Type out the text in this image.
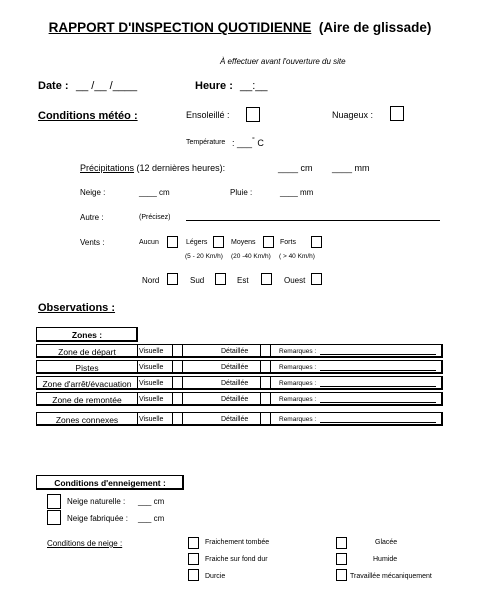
RAPPORT D'INSPECTION QUOTIDIENNE (Aire de glissade)
À effectuer avant l'ouverture du site
Date : __ /__ /____	Heure : __:__
Conditions météo :	Ensoleillé :	Nuageux :
Température : ___° C
Précipitations (12 dernières heures):	____ cm ____ mm
Neige :	____ cm	Pluie :	____ mm
Autre :	(Précisez)
Vents :	Aucun	Légers	Moyens	Forts
(5 - 20 Km/h) (20 -40 Km/h) ( > 40 Km/h)
Nord	Sud	Est	Ouest
Observations :
Zones :
Zone de départ	Visuelle	Détaillée	Remarques :
Pistes	Visuelle	Détaillée	Remarques :
Zone d'arrêt/évacuation	Visuelle	Détaillée	Remarques :
Zone de remontée	Visuelle	Détaillée	Remarques :
Zones connexes	Visuelle	Détaillée	Remarques :
Conditions d'enneigement :
Neige naturelle : ___ cm
Neige fabriquée : ___ cm
Conditions de neige :	Fraichement tombée
Fraiche sur fond dur
Durcie
Glacée
Humide
Travaillée mécaniquement
